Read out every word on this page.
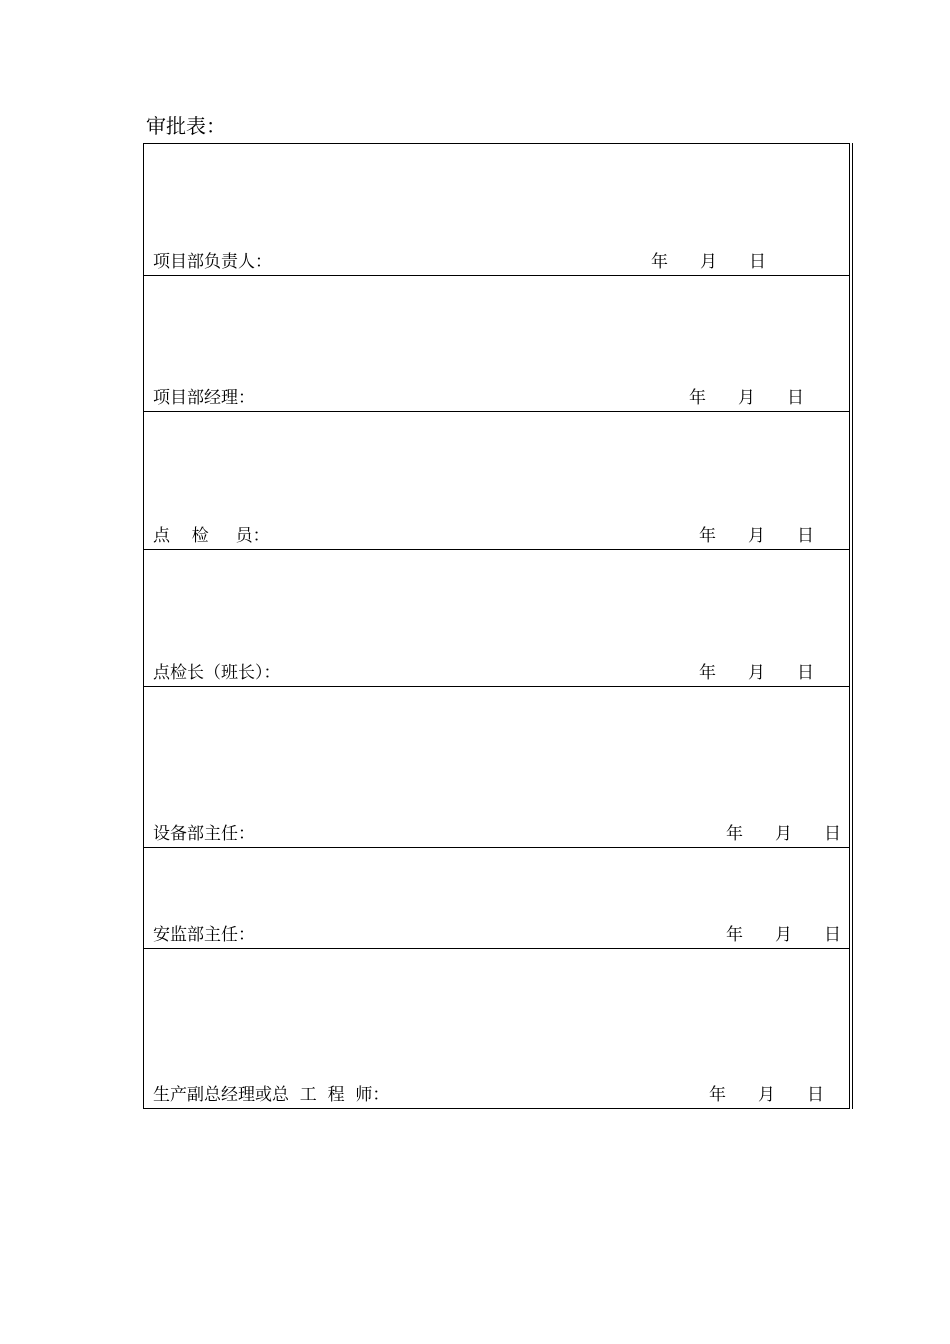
审批表：
项目部负责人：	年 月 日
项目部经理：	年 月 日
点    检     员：	年 月 日
点检长（班长）：	年 月 日
设备部主任：	年 月 日
安监部主任：	年 月 日
生产副总经理或总  工  程  师：	年 月 日
